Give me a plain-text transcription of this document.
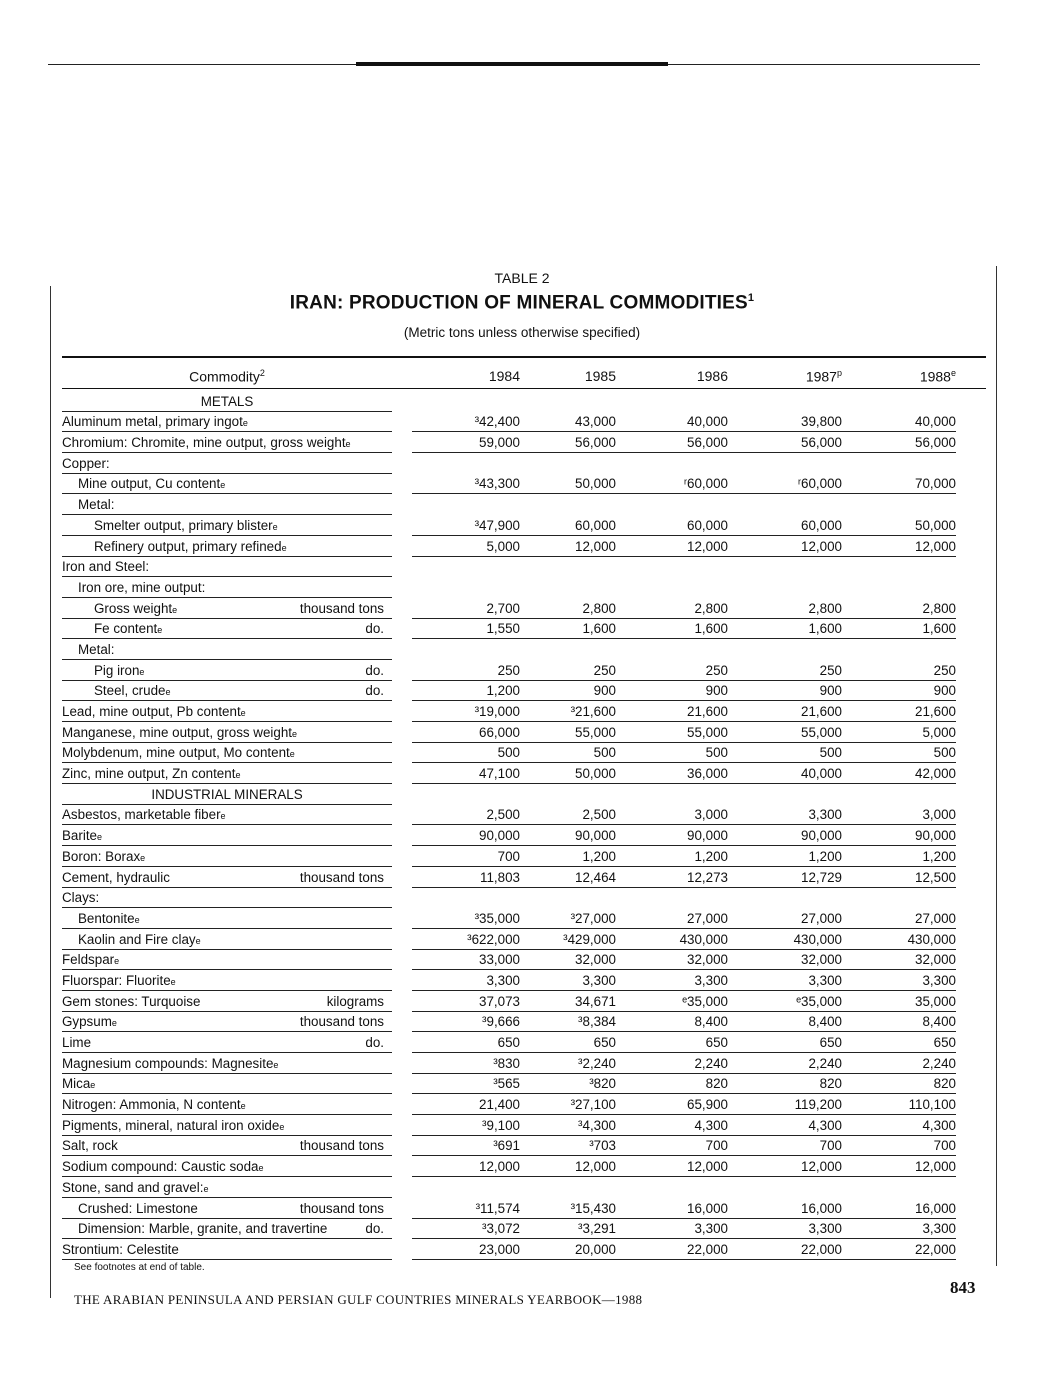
TABLE 2
IRAN: PRODUCTION OF MINERAL COMMODITIES$^1$
(Metric tons unless otherwise specified)
Commodity$^2$	1984	1985	1986	1987$^p$	1988e
METALS
Aluminum metal, primary ingot e	³42,400	43,000	40,000	39,800	40,000
Chromium: Chromite, mine output, gross weight e	59,000	56,000	56,000	56,000	56,000
Copper:
Mine output, Cu content e	³43,300	50,000	ʳ60,000	ʳ60,000	70,000
Metal:
Smelter output, primary blister e	³47,900	60,000	60,000	60,000	50,000
Refinery output, primary refined e	5,000	12,000	12,000	12,000	12,000
Iron and Steel:
Iron ore, mine output:
Gross weight e	thousand tons	2,700	2,800	2,800	2,800	2,800
Fe content e	do.	1,550	1,600	1,600	1,600	1,600
Metal:
Pig iron e	do.	250	250	250	250	250
Steel, crude e	do.	1,200	900	900	900	900
Lead, mine output, Pb content e	³19,000	³21,600	21,600	21,600	21,600
Manganese, mine output, gross weight e	66,000	55,000	55,000	55,000	5,000
Molybdenum, mine output, Mo content e	500	500	500	500	500
Zinc, mine output, Zn content e	47,100	50,000	36,000	40,000	42,000
INDUSTRIAL MINERALS
Asbestos, marketable fiber e	2,500	2,500	3,000	3,300	3,000
Barite e	90,000	90,000	90,000	90,000	90,000
Boron: Borax e	700	1,200	1,200	1,200	1,200
Cement, hydraulic	thousand tons	11,803	12,464	12,273	12,729	12,500
Clays:
Bentonite e	³35,000	³27,000	27,000	27,000	27,000
Kaolin and Fire clay e	³622,000	³429,000	430,000	430,000	430,000
Feldspar e	33,000	32,000	32,000	32,000	32,000
Fluorspar: Fluorite e	3,300	3,300	3,300	3,300	3,300
Gem stones: Turquoise	kilograms	37,073	34,671	ᵉ35,000	ᵉ35,000	35,000
Gypsum e	thousand tons	³9,666	³8,384	8,400	8,400	8,400
Lime	do.	650	650	650	650	650
Magnesium compounds: Magnesite e	³830	³2,240	2,240	2,240	2,240
Mica e	³565	³820	820	820	820
Nitrogen: Ammonia, N content e	21,400	³27,100	65,900	119,200	110,100
Pigments, mineral, natural iron oxide e	³9,100	³4,300	4,300	4,300	4,300
Salt, rock	thousand tons	³691	³703	700	700	700
Sodium compound: Caustic soda e	12,000	12,000	12,000	12,000	12,000
Stone, sand and gravel: e
Crushed: Limestone	thousand tons	³11,574	³15,430	16,000	16,000	16,000
Dimension: Marble, granite, and travertine	do.	³3,072	³3,291	3,300	3,300	3,300
Strontium: Celestite	23,000	20,000	22,000	22,000	22,000
See footnotes at end of table.
THE ARABIAN PENINSULA AND PERSIAN GULF COUNTRIES MINERALS YEARBOOK—1988
843
